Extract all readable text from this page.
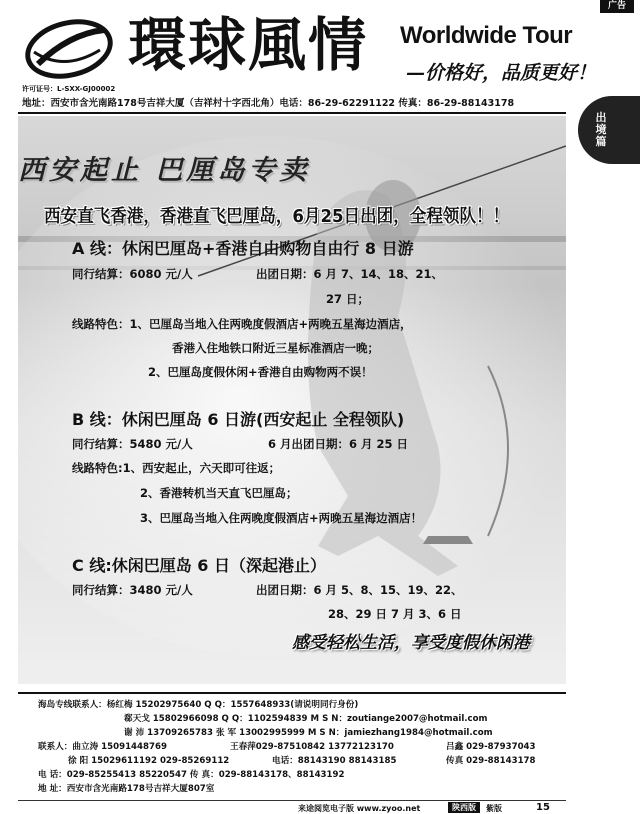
广告
環球風情 Worldwide Tour
—价格好，品质更好！
许可证号：L-SXX-GJ00002
地址：西安市含光南路178号吉祥大厦（吉祥村十字西北角）电话：86-29-62291122 传真：86-29-88143178
出境篇
西安起止 巴厘岛专卖
西安直飞香港，香港直飞巴厘岛，6月25日出团，全程领队！！
A 线：休闲巴厘岛+香港自由购物自由行 8 日游
同行结算：6080 元/人	出团日期：6 月 7、14、18、21、
27 日；
线路特色：1、巴厘岛当地入住两晚度假酒店+两晚五星海边酒店，
香港入住地铁口附近三星标准酒店一晚；
2、巴厘岛度假休闲+香港自由购物两不误！
B 线：休闲巴厘岛 6 日游(西安起止 全程领队)
同行结算：5480 元/人	6 月出团日期：6 月 25 日
线路特色:1、西安起止，六天即可往返；
2、香港转机当天直飞巴厘岛；
3、巴厘岛当地入住两晚度假酒店+两晚五星海边酒店！
C 线:休闲巴厘岛 6 日（深起港止）
同行结算：3480 元/人	出团日期：6 月 5、8、15、19、22、
28、29 日 7 月 3、6 日
感受轻松生活，享受度假休闲港
海岛专线联系人：杨红梅 15202975640 Q Q：1557648933(请说明同行身份)
郗天戈 15802966098 Q Q：1102594839 M S N：zoutiange2007@hotmail.com
谢 沛 13709265783 张 军 13002995999 M S N：jamiezhang1984@hotmail.com
联系人：曲立涛 15091448769	王春萍029-87510842 13772123170	吕鑫 029-87937043
徐 阳 15029611192 029-85269112	电话：88143190 88143185	传真 029-88143178
电 话：029-85255413 85220547 传 真：029-88143178、88143192
地 址：西安市含光南路178号吉祥大厦807室
来途阅览电子版 www.zyoo.net	陕西版	紫版	15
